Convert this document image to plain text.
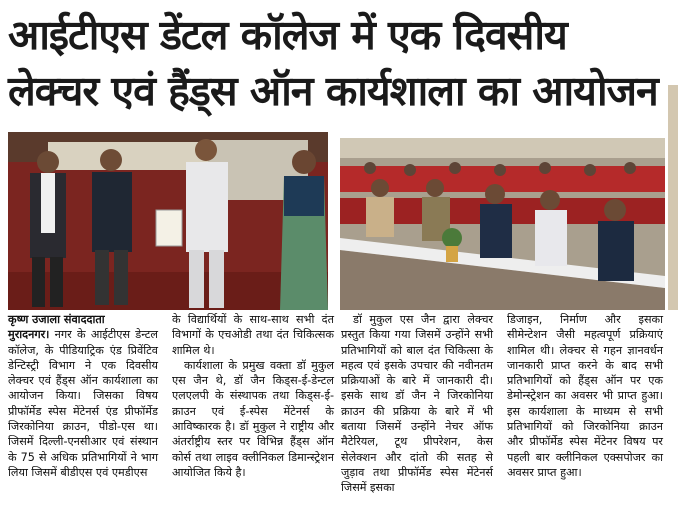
आईटीएस डेंटल कॉलेज में एक दिवसीय
लेक्चर एवं हैंड्स ऑन कार्यशाला का आयोजन

कृष्ण उजाला संवाददाता

मुरादनगर। नगर के आईटीएस डेन्टल कॉलेज, के पीडियाट्रिक एंड प्रिवेंटिव डेन्टिस्ट्री विभाग ने एक दिवसीय लेक्चर एवं हैंड्स ऑन कार्यशाला का आयोजन किया। जिसका विषय प्रीफॉर्मेड स्पेस मेंटेनर्स एंड प्रीफॉर्मेड जिरकोनिया क्राउन, पीडो-एस था। जिसमें दिल्ली-एनसीआर एवं संस्थान के 75 से अधिक प्रतिभागियों ने भाग लिया जिसमें बीडीएस एवं एमडीएस

के विद्यार्थियों के साथ-साथ सभी दंत विभागों के एचओडी तथा दंत चिकित्सक शामिल थे।

कार्यशाला के प्रमुख वक्ता डॉ मुकुल एस जैन थे, डॉ जैन किड्स-ई-डेन्टल एलएलपी के संस्थापक तथा किड्स-ई-क्राउन एवं ई-स्पेस मेंटेनर्स के आविष्कारक है। डॉ मुकुल ने राष्ट्रीय और अंतर्राष्ट्रीय स्तर पर विभिन्न हैंड्स ऑन कोर्स तथा लाइव क्लीनिकल डिमान्स्ट्रेशन आयोजित किये है।

डॉ मुकुल एस जैन द्वारा लेक्चर प्रस्तुत किया गया जिसमें उन्होंने सभी प्रतिभागियों को बाल दंत चिकित्सा के महत्व एवं इसके उपचार की नवीनतम प्रक्रियाओं के बारे में जानकारी दी। इसके साथ डॉ जैन ने जिरकोनिया क्राउन की प्रक्रिया के बारे में भी बताया जिसमें उन्होंने नेचर ऑफ मैटेरियल, टूथ प्रीपरेशन, केस सेलेक्शन और दांतो की सतह से जुड़ाव तथा प्रीफॉर्मेड स्पेस मेंटेनर्स जिसमें इसका

डिजाइन, निर्माण और इसका सीमेन्टेशन जैसी महत्वपूर्ण प्रक्रियाएं शामिल थी। लेक्चर से गहन ज्ञानवर्धन जानकारी प्राप्त करने के बाद सभी प्रतिभागियों को हैंड्स ऑन पर एक डेमोन्स्ट्रेशन का अवसर भी प्राप्त हुआ। इस कार्यशाला के माध्यम से सभी प्रतिभागियों को जिरकोनिया क्राउन और प्रीफॉर्मेड स्पेस मेंटेनर विषय पर पहली बार क्लीनिकल एक्सपोजर का अवसर प्राप्त हुआ।
